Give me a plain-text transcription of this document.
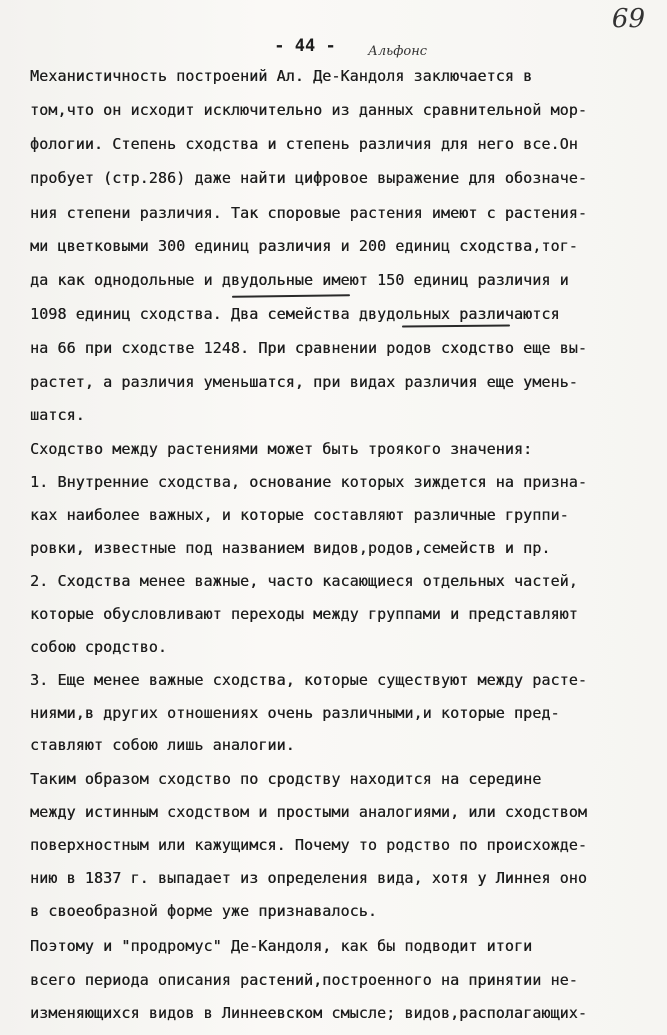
69
- 44 -	Альфонс
Механистичность построений Ал. Де-Кандоля заключается в
том,что он исходит исключительно из данных сравнительной мор-
фологии. Степень сходства и степень различия для него все.Он
пробует (стр.286) даже найти цифровое выражение для обозначе-
ния степени различия. Так споровые растения имеют с растения-
ми цветковыми 300 единиц различия и 200 единиц сходства,тог-
да как однодольные и двудольные имеют 150 единиц различия и
1098 единиц сходства. Два семейства двудольных различаются
на 66 при сходстве 1248. При сравнении родов сходство еще вы-
растет, а различия уменьшатся, при видах различия еще умень-
шатся.
Сходство между растениями может быть троякого значения:
1. Внутренние сходства, основание которых зиждется на призна-
ках наиболее важных, и которые составляют различные группи-
ровки, известные под названием видов,родов,семейств и пр.
2. Сходства менее важные, часто касающиеся отдельных частей,
которые обусловливают переходы между группами и представляют
собою сродство.
3. Еще менее важные сходства, которые существуют между расте-
ниями,в других отношениях очень различными,и которые пред-
ставляют собою лишь аналогии.
Таким образом сходство по сродству находится на середине
между истинным сходством и простыми аналогиями, или сходством
поверхностным или кажущимся. Почему то родство по происхожде-
нию в 1837 г. выпадает из определения вида, хотя у Линнея оно
в своеобразной форме уже признавалось.
Поэтому и "продромус" Де-Кандоля, как бы подводит итоги
всего периода описания растений,построенного на принятии не-
изменяющихся видов в Линнеевском смысле; видов,располагающих-
